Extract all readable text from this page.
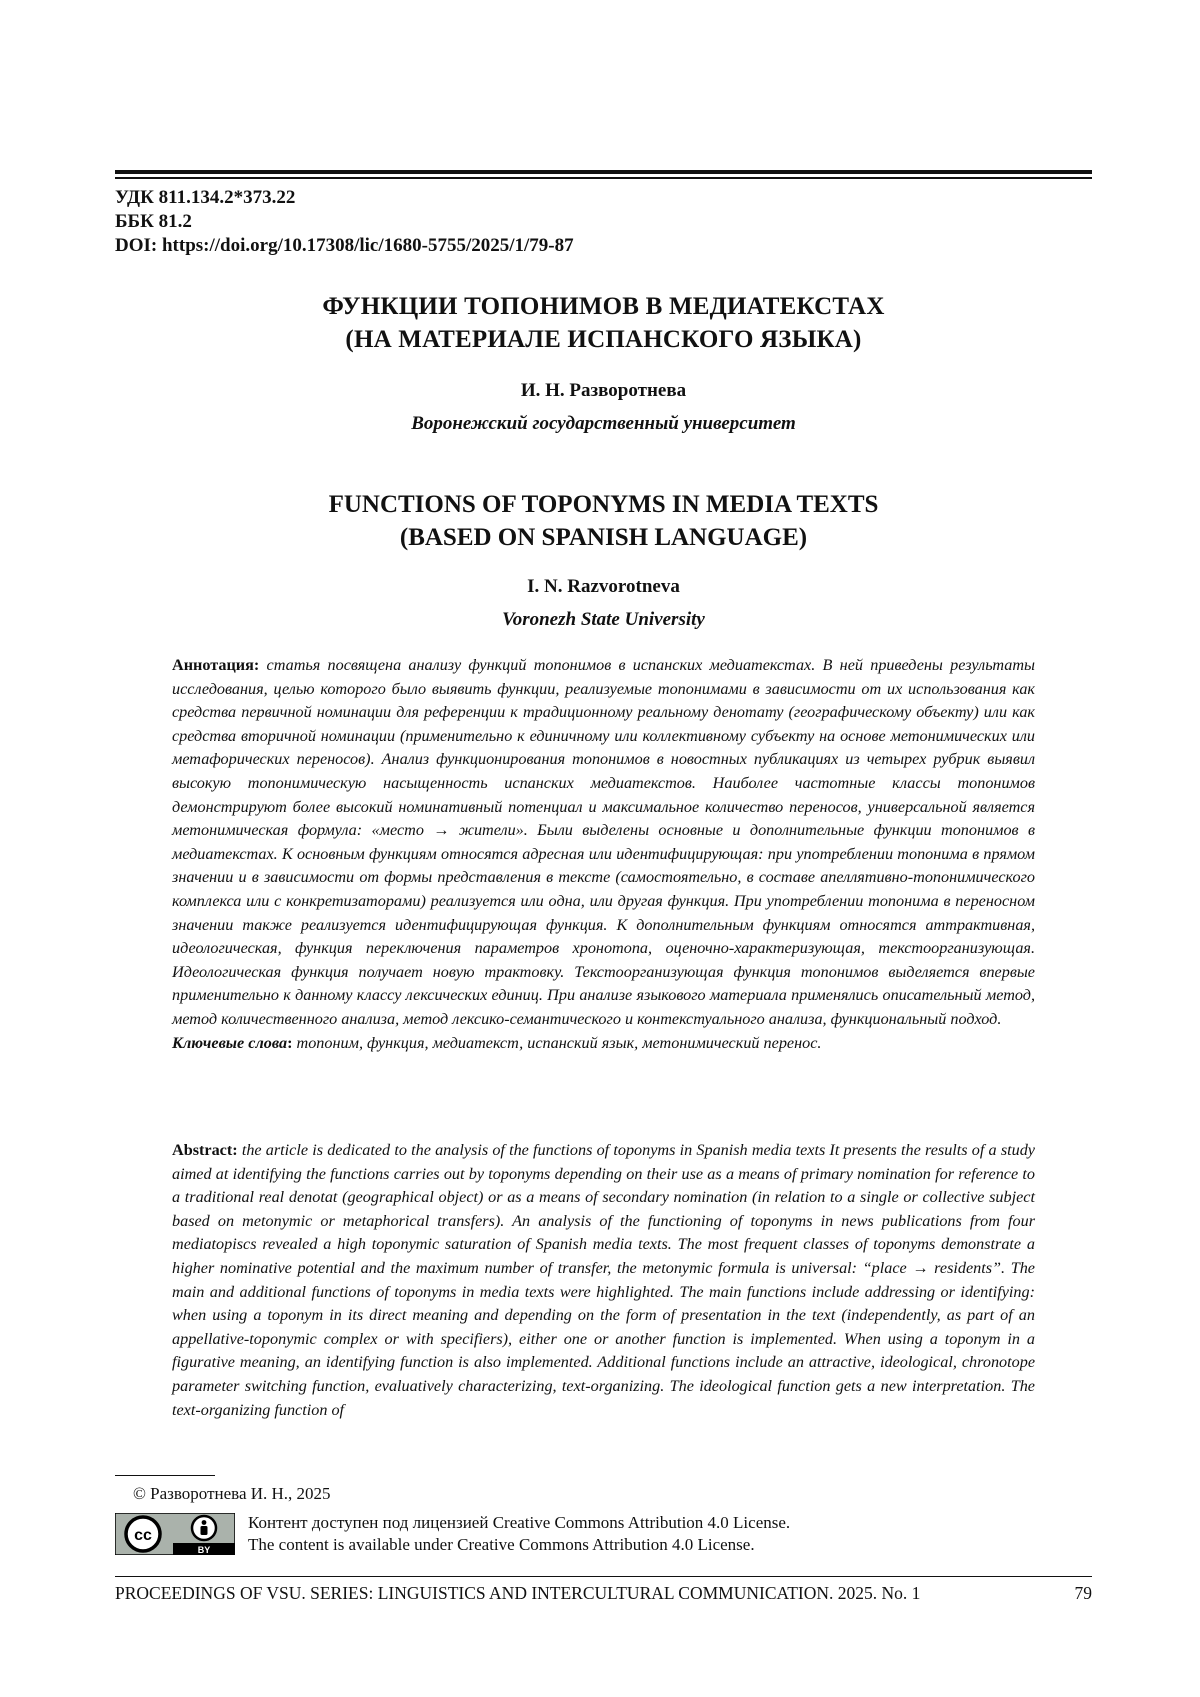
УДК 811.134.2*373.22
ББК 81.2
DOI: https://doi.org/10.17308/lic/1680-5755/2025/1/79-87
ФУНКЦИИ ТОПОНИМОВ В МЕДИАТЕКСТАХ
(НА МАТЕРИАЛЕ ИСПАНСКОГО ЯЗЫКА)
И. Н. Разворотнева
Воронежский государственный университет
FUNCTIONS OF TOPONYMS IN MEDIA TEXTS
(BASED ON SPANISH LANGUAGE)
I. N. Razvorotneva
Voronezh State University
Аннотация: статья посвящена анализу функций топонимов в испанских медиатекстах. В ней приведены результаты исследования, целью которого было выявить функции, реализуемые топонимами в зависимости от их использования как средства первичной номинации для референции к традиционному реальному денотату (географическому объекту) или как средства вторичной номинации (применительно к единичному или коллективному субъекту на основе метонимических или метафорических переносов). Анализ функционирования топонимов в новостных публикациях из четырех рубрик выявил высокую топонимическую насыщенность испанских медиатекстов. Наиболее частотные классы топонимов демонстрируют более высокий номинативный потенциал и максимальное количество переносов, универсальной является метонимическая формула: «место → жители». Были выделены основные и дополнительные функции топонимов в медиатекстах. К основным функциям относятся адресная или идентифицирующая: при употреблении топонима в прямом значении и в зависимости от формы представления в тексте (самостоятельно, в составе апеллятивно-топонимического комплекса или с конкретизаторами) реализуется или одна, или другая функция. При употреблении топонима в переносном значении также реализуется идентифицирующая функция. К дополнительным функциям относятся аттрактивная, идеологическая, функция переключения параметров хронотопа, оценочно-характеризующая, текстоорганизующая. Идеологическая функция получает новую трактовку. Текстоорганизующая функция топонимов выделяется впервые применительно к данному классу лексических единиц. При анализе языкового материала применялись описательный метод, метод количественного анализа, метод лексико-семантического и контекстуального анализа, функциональный подход.
Ключевые слова: топоним, функция, медиатекст, испанский язык, метонимический перенос.
Abstract: the article is dedicated to the analysis of the functions of toponyms in Spanish media texts It presents the results of a study aimed at identifying the functions carries out by toponyms depending on their use as a means of primary nomination for reference to a traditional real denotat (geographical object) or as a means of secondary nomination (in relation to a single or collective subject based on metonymic or metaphorical transfers). An analysis of the functioning of toponyms in news publications from four mediatopiscs revealed a high toponymic saturation of Spanish media texts. The most frequent classes of toponyms demonstrate a higher nominative potential and the maximum number of transfer, the metonymic formula is universal: “place → residents”. The main and additional functions of toponyms in media texts were highlighted. The main functions include addressing or identifying: when using a toponym in its direct meaning and depending on the form of presentation in the text (independently, as part of an appellative-toponymic complex or with specifiers), either one or another function is implemented. When using a toponym in a figurative meaning, an identifying function is also implemented. Additional functions include an attractive, ideological, chronotope parameter switching function, evaluatively characterizing, text-organizing. The ideological function gets a new interpretation. The text-organizing function of
© Разворотнева И. Н., 2025
cc
BY
Контент доступен под лицензией Creative Commons Attribution 4.0 License.
The content is available under Creative Commons Attribution 4.0 License.
PROCEEDINGS OF VSU. SERIES: LINGUISTICS AND INTERCULTURAL COMMUNICATION. 2025. No. 1	79
